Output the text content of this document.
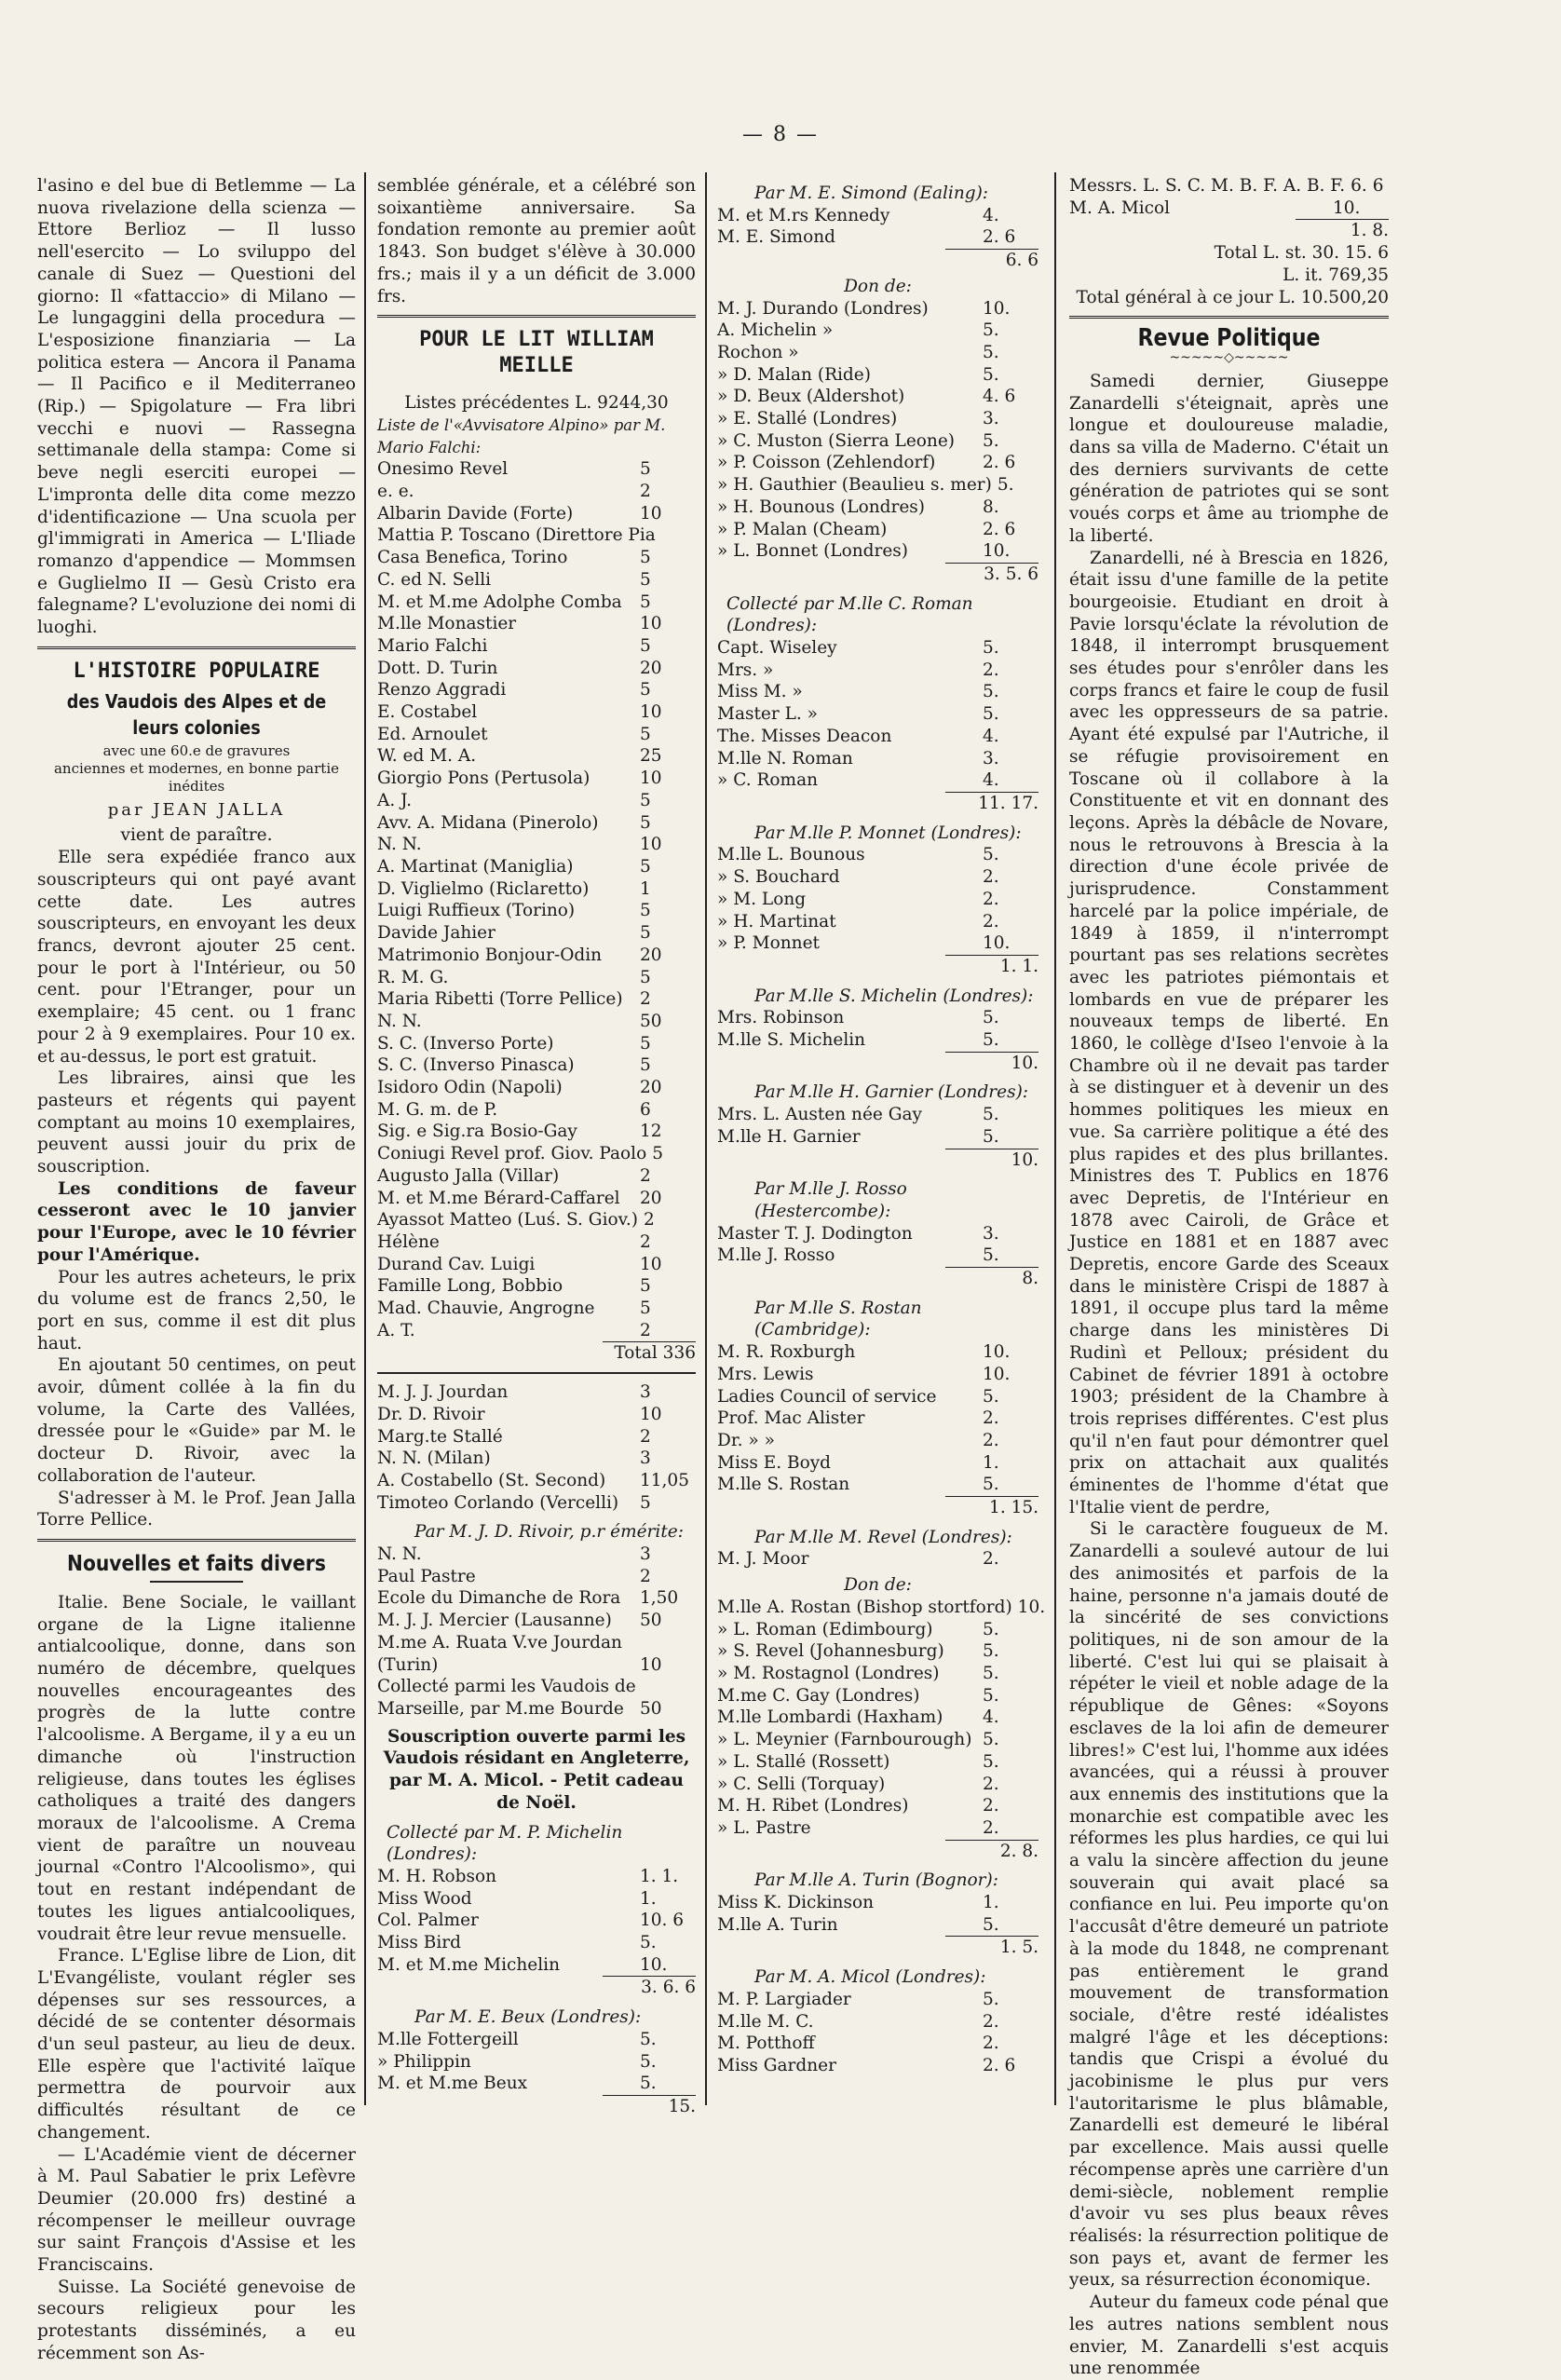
— 8 —

l'asino e del bue di Betlemme — La nuova rivelazione della scienza — Ettore Berlioz — Il lusso nell'esercito — Lo sviluppo del canale di Suez — Questioni del giorno: Il «fattaccio» di Milano — Le lungaggini della procedura — L'esposizione finanziaria — La politica estera — Ancora il Panama — Il Pacifico e il Mediterraneo (Rip.) — Spigolature — Fra libri vecchi e nuovi — Rassegna settimanale della stampa: Come si beve negli eserciti europei — L'impronta delle dita come mezzo d'identificazione — Una scuola per gl'immigrati in America — L'Iliade romanzo d'appendice — Mommsen e Guglielmo II — Gesù Cristo era falegname? L'evoluzione dei nomi di luoghi.

L'HISTOIRE POPULAIRE
des Vaudois des Alpes et de leurs colonies
avec une 60.e de gravures
anciennes et modernes, en bonne partie inédites
par JEAN JALLA
vient de paraître.

Elle sera expédiée franco aux souscripteurs qui ont payé avant cette date. Les autres souscripteurs, en envoyant les deux francs, devront ajouter 25 cent. pour le port à l'Intérieur, ou 50 cent. pour l'Etranger, pour un exemplaire; 45 cent. ou 1 franc pour 2 à 9 exemplaires. Pour 10 ex. et au-dessus, le port est gratuit.

Les libraires, ainsi que les pasteurs et régents qui payent comptant au moins 10 exemplaires, peuvent aussi jouir du prix de souscription.

Les conditions de faveur cesseront avec le 10 janvier pour l'Europe, avec le 10 février pour l'Amérique.

Pour les autres acheteurs, le prix du volume est de francs 2,50, le port en sus, comme il est dit plus haut.

En ajoutant 50 centimes, on peut avoir, dûment collée à la fin du volume, la Carte des Vallées, dressée pour le «Guide» par M. le docteur D. Rivoir, avec la collaboration de l'auteur.

S'adresser à M. le Prof. Jean Jalla Torre Pellice.

Nouvelles et faits divers

Italie. Bene Sociale, le vaillant organe de la Ligne italienne antialcoolique, donne, dans son numéro de décembre, quelques nouvelles encourageantes des progrès de la lutte contre l'alcoolisme. A Bergame, il y a eu un dimanche où l'instruction religieuse, dans toutes les églises catholiques a traité des dangers moraux de l'alcoolisme. A Crema vient de paraître un nouveau journal «Contro l'Alcoolismo», qui tout en restant indépendant de toutes les ligues antialcooliques, voudrait être leur revue mensuelle.

France. L'Eglise libre de Lion, dit L'Evangéliste, voulant régler ses dépenses sur ses ressources, a décidé de se contenter désormais d'un seul pasteur, au lieu de deux. Elle espère que l'activité laïque permettra de pourvoir aux difficultés résultant de ce changement.

— L'Académie vient de décerner à M. Paul Sabatier le prix Lefèvre Deumier (20.000 frs) destiné a récompenser le meilleur ouvrage sur saint François d'Assise et les Franciscains.

Suisse. La Société genevoise de secours religieux pour les protestants disséminés, a eu récemment son As-

semblée générale, et a célébré son soixantième anniversaire. Sa fondation remonte au premier août 1843. Son budget s'élève à 30.000 frs.; mais il y a un déficit de 3.000 frs.

POUR LE LIT WILLIAM MEILLE
Listes précédentes L. 9244,30
Liste de l'«Avvisatore Alpino» par M. Mario Falchi:
Onesimo Revel	5
e. e.	2
Albarin Davide (Forte)	10
Mattia P. Toscano (Direttore Pia
Casa Benefica, Torino	5
C. ed N. Selli	5
M. et M.me Adolphe Comba	5
M.lle Monastier	10
Mario Falchi	5
Dott. D. Turin	20
Renzo Aggradi	5
E. Costabel	10
Ed. Arnoulet	5
W. ed M. A.	25
Giorgio Pons (Pertusola)	10
A. J.	5
Avv. A. Midana (Pinerolo)	5
N. N.	10
A. Martinat (Maniglia)	5
D. Viglielmo (Riclaretto)	1
Luigi Ruffieux (Torino)	5
Davide Jahier	5
Matrimonio Bonjour-Odin	20
R. M. G.	5
Maria Ribetti (Torre Pellice) 2
N. N.	50
S. C. (Inverso Porte)	5
S. C. (Inverso Pinasca)	5
Isidoro Odin (Napoli)	20
M. G. m. de P.	6
Sig. e Sig.ra Bosio-Gay	12
Coniugi Revel prof. Giov. Paolo 5
Augusto Jalla (Villar)	2
M. et M.me Bérard-Caffarel	20
Ayassot Matteo (Luś. S. Giov.) 2
Hélène	2
Durand Cav. Luigi	10
Famille Long, Bobbio	5
Mad. Chauvie, Angrogne	5
A. T.	2
Total 336
M. J. J. Jourdan	3
Dr. D. Rivoir	10
Marg.te Stallé	2
N. N. (Milan)	3
A. Costabello (St. Second)	11,05
Timoteo Corlando (Vercelli)	5
Par M. J. D. Rivoir, p.r émérite:
N. N.	3
Paul Pastre	2
Ecole du Dimanche de Rora	1,50
M. J. J. Mercier (Lausanne)	50
M.me A. Ruata V.ve Jourdan
(Turin)	10
Collecté parmi les Vaudois de
Marseille, par M.me Bourde 50
Souscription ouverte parmi les Vaudois résidant en Angleterre, par M. A. Micol. - Petit cadeau de Noël.
Collecté par M. P. Michelin (Londres):
M. H. Robson	1. 1.
Miss Wood	1.
Col. Palmer	10. 6
Miss Bird	5.
M. et M.me Michelin	10.
3. 6. 6
Par M. E. Beux (Londres):
M.lle Fottergeill	5.
» Philippin	5.
M. et M.me Beux	5.
15.
Par M. E. Simond (Ealing):
M. et M.rs Kennedy	4.
M. E. Simond	2. 6
6. 6
Don de:
M. J. Durando (Londres)	10.
A. Michelin »	5.
Rochon »	5.
» D. Malan (Ride)	5.
» D. Beux (Aldershot)	4. 6
» E. Stallé (Londres)	3.
» C. Muston (Sierra Leone)	5.
» P. Coisson (Zehlendorf)	2. 6
» H. Gauthier (Beaulieu s. mer) 5.
» H. Bounous (Londres)	8.
» P. Malan (Cheam)	2. 6
» L. Bonnet (Londres)	10.
3. 5. 6
Collecté par M.lle C. Roman (Londres):
Capt. Wiseley	5.
Mrs. »	2.
Miss M. »	5.
Master L. »	5.
The. Misses Deacon	4.
M.lle N. Roman	3.
» C. Roman	4.
11. 17.
Par M.lle P. Monnet (Londres):
M.lle L. Bounous	5.
» S. Bouchard	2.
» M. Long	2.
» H. Martinat	2.
» P. Monnet	10.
1. 1.
Par M.lle S. Michelin (Londres):
Mrs. Robinson	5.
M.lle S. Michelin	5.
10.
Par M.lle H. Garnier (Londres):
Mrs. L. Austen née Gay	5.
M.lle H. Garnier	5.
10.
Par M.lle J. Rosso (Hestercombe):
Master T. J. Dodington	3.
M.lle J. Rosso	5.
8.
Par M.lle S. Rostan (Cambridge):
M. R. Roxburgh	10.
Mrs. Lewis	10.
Ladies Council of service	5.
Prof. Mac Alister	2.
Dr. » »	2.
Miss E. Boyd	1.
M.lle S. Rostan	5.
1. 15.
Par M.lle M. Revel (Londres):
M. J. Moor	2.
Don de:
M.lle A. Rostan (Bishop stortford) 10.
» L. Roman (Edimbourg)	5.
» S. Revel (Johannesburg)	5.
» M. Rostagnol (Londres)	5.
M.me C. Gay (Londres)	5.
M.lle Lombardi (Haxham)	4.
» L. Meynier (Farnbourough) 5.
» L. Stallé (Rossett)	5.
» C. Selli (Torquay)	2.
M. H. Ribet (Londres)	2.
» L. Pastre	2.
2. 8.
Par M.lle A. Turin (Bognor):
Miss K. Dickinson	1.
M.lle A. Turin	5.
1. 5.
Par M. A. Micol (Londres):
M. P. Largiader	5.
M.lle M. C.	2.
M. Potthoff	2.
Miss Gardner	2. 6
Messrs. L. S. C. M. B. F. A. B. F. 6. 6
M. A. Micol	10.
1. 8.
Total L. st. 30. 15. 6
L. it. 769,35
Total général à ce jour L. 10.500,20
Revue Politique
~~~~~◇~~~~~

Samedi dernier, Giuseppe Zanardelli s'éteignait, après une longue et douloureuse maladie, dans sa villa de Maderno. C'était un des derniers survivants de cette génération de patriotes qui se sont voués corps et âme au triomphe de la liberté.

Zanardelli, né à Brescia en 1826, était issu d'une famille de la petite bourgeoisie. Etudiant en droit à Pavie lorsqu'éclate la révolution de 1848, il interrompt brusquement ses études pour s'enrôler dans les corps francs et faire le coup de fusil avec les oppresseurs de sa patrie. Ayant été expulsé par l'Autriche, il se réfugie provisoirement en Toscane où il collabore à la Constituente et vit en donnant des leçons. Après la débâcle de Novare, nous le retrouvons à Brescia à la direction d'une école privée de jurisprudence. Constamment harcelé par la police impériale, de 1849 à 1859, il n'interrompt pourtant pas ses relations secrètes avec les patriotes piémontais et lombards en vue de préparer les nouveaux temps de liberté. En 1860, le collège d'Iseo l'envoie à la Chambre où il ne devait pas tarder à se distinguer et à devenir un des hommes politiques les mieux en vue. Sa carrière politique a été des plus rapides et des plus brillantes. Ministres des T. Publics en 1876 avec Depretis, de l'Intérieur en 1878 avec Cairoli, de Grâce et Justice en 1881 et en 1887 avec Depretis, encore Garde des Sceaux dans le ministère Crispi de 1887 à 1891, il occupe plus tard la même charge dans les ministères Di Rudinì et Pelloux; président du Cabinet de février 1891 à octobre 1903; président de la Chambre à trois reprises différentes. C'est plus qu'il n'en faut pour démontrer quel prix on attachait aux qualités éminentes de l'homme d'état que l'Italie vient de perdre,

Si le caractère fougueux de M. Zanardelli a soulevé autour de lui des animosités et parfois de la haine, personne n'a jamais douté de la sincérité de ses convictions politiques, ni de son amour de la liberté. C'est lui qui se plaisait à répéter le vieil et noble adage de la république de Gênes: «Soyons esclaves de la loi afin de demeurer libres!» C'est lui, l'homme aux idées avancées, qui a réussi à prouver aux ennemis des institutions que la monarchie est compatible avec les réformes les plus hardies, ce qui lui a valu la sincère affection du jeune souverain qui avait placé sa confiance en lui. Peu importe qu'on l'accusât d'être demeuré un patriote à la mode du 1848, ne comprenant pas entièrement le grand mouvement de transformation sociale, d'être resté idéalistes malgré l'âge et les déceptions: tandis que Crispi a évolué du jacobinisme le plus pur vers l'autoritarisme le plus blâmable, Zanardelli est demeuré le libéral par excellence. Mais aussi quelle récompense après une carrière d'un demi-siècle, noblement remplie d'avoir vu ses plus beaux rêves réalisés: la résurrection politique de son pays et, avant de fermer les yeux, sa résurrection économique.

Auteur du fameux code pénal que les autres nations semblent nous envier, M. Zanardelli s'est acquis une renommée
